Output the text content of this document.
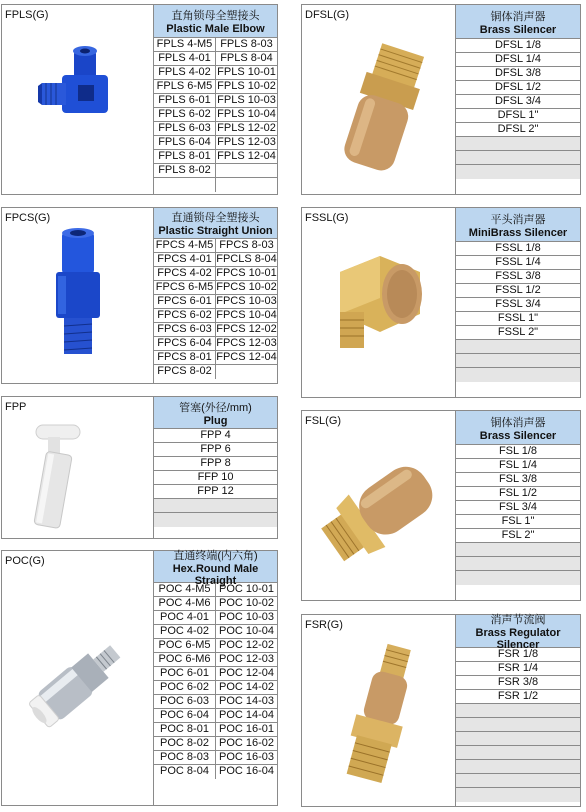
FPLS(G)	直角锁母全塑接头
Plastic Male Elbow
FPLS 4-M5 FPLS 8-03
FPLS 4-01 FPLS 8-04
FPLS 4-02 FPLS 10-01
FPLS 6-M5 FPLS 10-02
FPLS 6-01 FPLS 10-03
FPLS 6-02 FPLS 10-04
FPLS 6-03 FPLS 12-02
FPLS 6-04 FPLS 12-03
FPLS 8-01 FPLS 12-04
FPLS 8-02
FPCS(G)	直通锁母全塑接头
Plastic Straight Union
FPCS 4-M5 FPCS 8-03
FPCS 4-01 FPCLS 8-04
FPCS 4-02 FPCS 10-01
FPCS 6-M5 FPCS 10-02
FPCS 6-01 FPCS 10-03
FPCS 6-02 FPCS 10-04
FPCS 6-03 FPCS 12-02
FPCS 6-04 FPCS 12-03
FPCS 8-01 FPCS 12-04
FPCS 8-02
FPP	管塞(外径/mm)
Plug
FPP 4
FPP 6
FPP 8
FFP 10
FPP 12
POC(G)	直通终端(内六角)
Hex.Round Male Straight
POC 4-M5 POC 10-01
POC 4-M6 POC 10-02
POC 4-01 POC 10-03
POC 4-02 POC 10-04
POC 6-M5 POC 12-02
POC 6-M6 POC 12-03
POC 6-01 POC 12-04
POC 6-02 POC 14-02
POC 6-03 POC 14-03
POC 6-04 POC 14-04
POC 8-01 POC 16-01
POC 8-02 POC 16-02
POC 8-03 POC 16-03
POC 8-04 POC 16-04
DFSL(G)	铜体消声器
Brass Silencer
DFSL 1/8
DFSL 1/4
DFSL 3/8
DFSL 1/2
DFSL 3/4
DFSL 1"
DFSL 2"
FSSL(G)	平头消声器
MiniBrass Silencer
FSSL 1/8
FSSL 1/4
FSSL 3/8
FSSL 1/2
FSSL 3/4
FSSL 1"
FSSL 2"
FSL(G)	铜体消声器
Brass Silencer
FSL 1/8
FSL 1/4
FSL 3/8
FSL 1/2
FSL 3/4
FSL 1"
FSL 2"
FSR(G)	消声节流阀
Brass Regulator Silencer
FSR 1/8
FSR 1/4
FSR 3/8
FSR 1/2
